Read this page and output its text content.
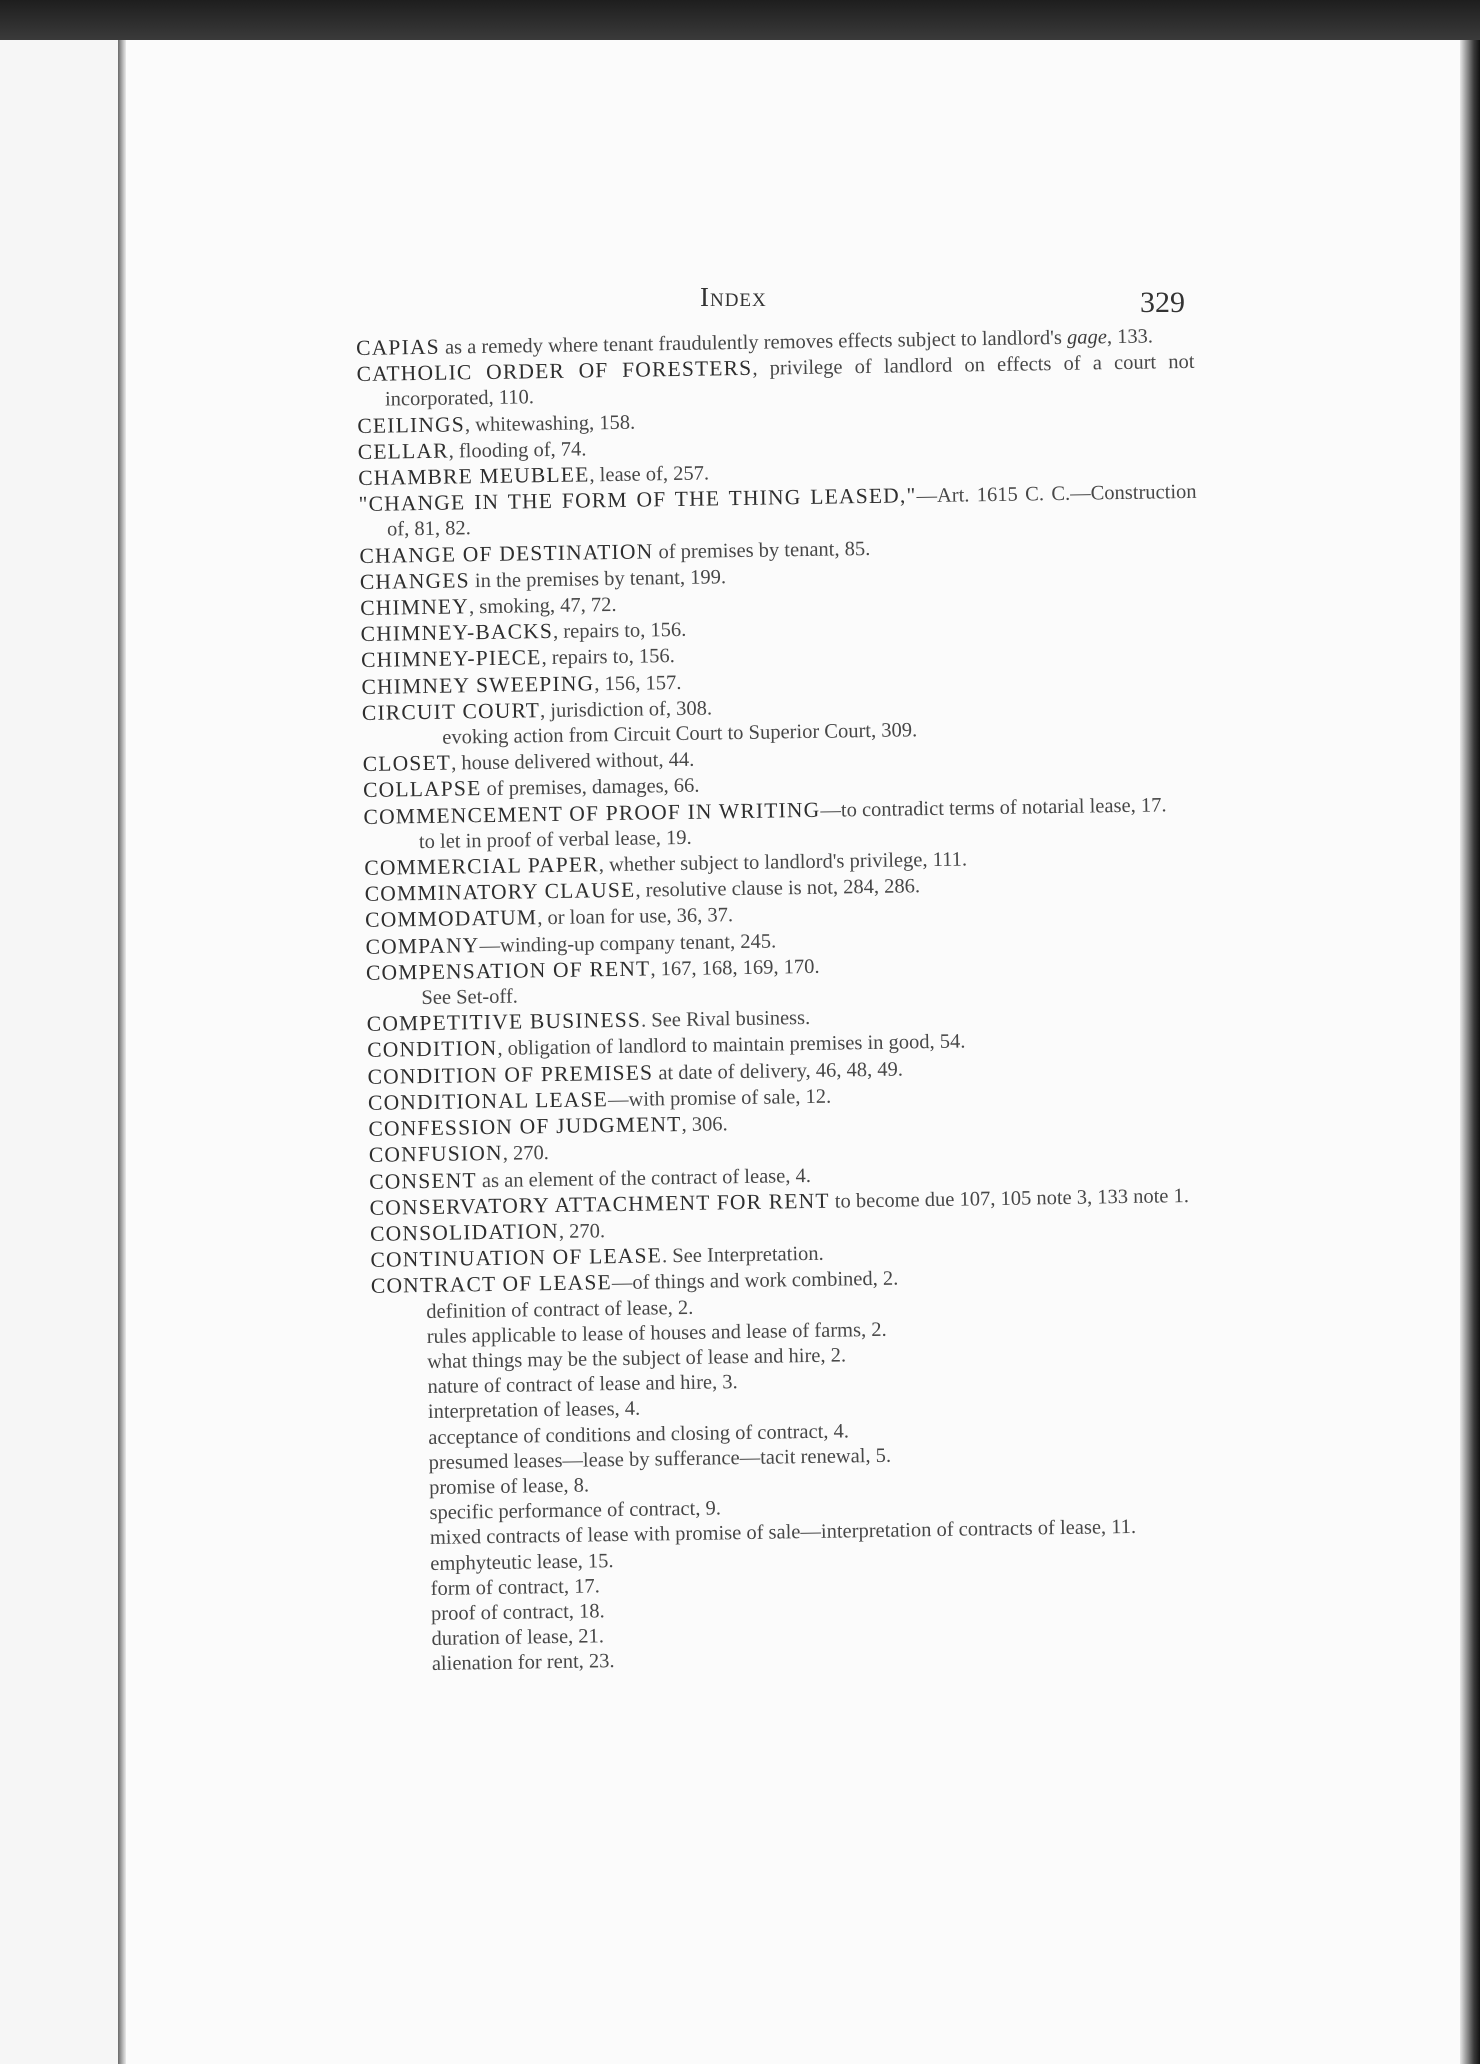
Index	329
CAPIAS as a remedy where tenant fraudulently removes effects subject to landlord's gage, 133.
CATHOLIC ORDER OF FORESTERS, privilege of landlord on effects of a court not incorporated, 110.
CEILINGS, whitewashing, 158.
CELLAR, flooding of, 74.
CHAMBRE MEUBLEE, lease of, 257.
"CHANGE IN THE FORM OF THE THING LEASED,"—Art. 1615 C. C.—Construction of, 81, 82.
CHANGE OF DESTINATION of premises by tenant, 85.
CHANGES in the premises by tenant, 199.
CHIMNEY, smoking, 47, 72.
CHIMNEY-BACKS, repairs to, 156.
CHIMNEY-PIECE, repairs to, 156.
CHIMNEY SWEEPING, 156, 157.
CIRCUIT COURT, jurisdiction of, 308.
evoking action from Circuit Court to Superior Court, 309.
CLOSET, house delivered without, 44.
COLLAPSE of premises, damages, 66.
COMMENCEMENT OF PROOF IN WRITING—to contradict terms of notarial lease, 17.
to let in proof of verbal lease, 19.
COMMERCIAL PAPER, whether subject to landlord's privilege, 111.
COMMINATORY CLAUSE, resolutive clause is not, 284, 286.
COMMODATUM, or loan for use, 36, 37.
COMPANY—winding-up company tenant, 245.
COMPENSATION OF RENT, 167, 168, 169, 170.
See Set-off.
COMPETITIVE BUSINESS. See Rival business.
CONDITION, obligation of landlord to maintain premises in good, 54.
CONDITION OF PREMISES at date of delivery, 46, 48, 49.
CONDITIONAL LEASE—with promise of sale, 12.
CONFESSION OF JUDGMENT, 306.
CONFUSION, 270.
CONSENT as an element of the contract of lease, 4.
CONSERVATORY ATTACHMENT FOR RENT to become due 107, 105 note 3, 133 note 1.
CONSOLIDATION, 270.
CONTINUATION OF LEASE. See Interpretation.
CONTRACT OF LEASE—of things and work combined, 2.
definition of contract of lease, 2.
rules applicable to lease of houses and lease of farms, 2.
what things may be the subject of lease and hire, 2.
nature of contract of lease and hire, 3.
interpretation of leases, 4.
acceptance of conditions and closing of contract, 4.
presumed leases—lease by sufferance—tacit renewal, 5.
promise of lease, 8.
specific performance of contract, 9.
mixed contracts of lease with promise of sale—interpretation of contracts of lease, 11.
emphyteutic lease, 15.
form of contract, 17.
proof of contract, 18.
duration of lease, 21.
alienation for rent, 23.
